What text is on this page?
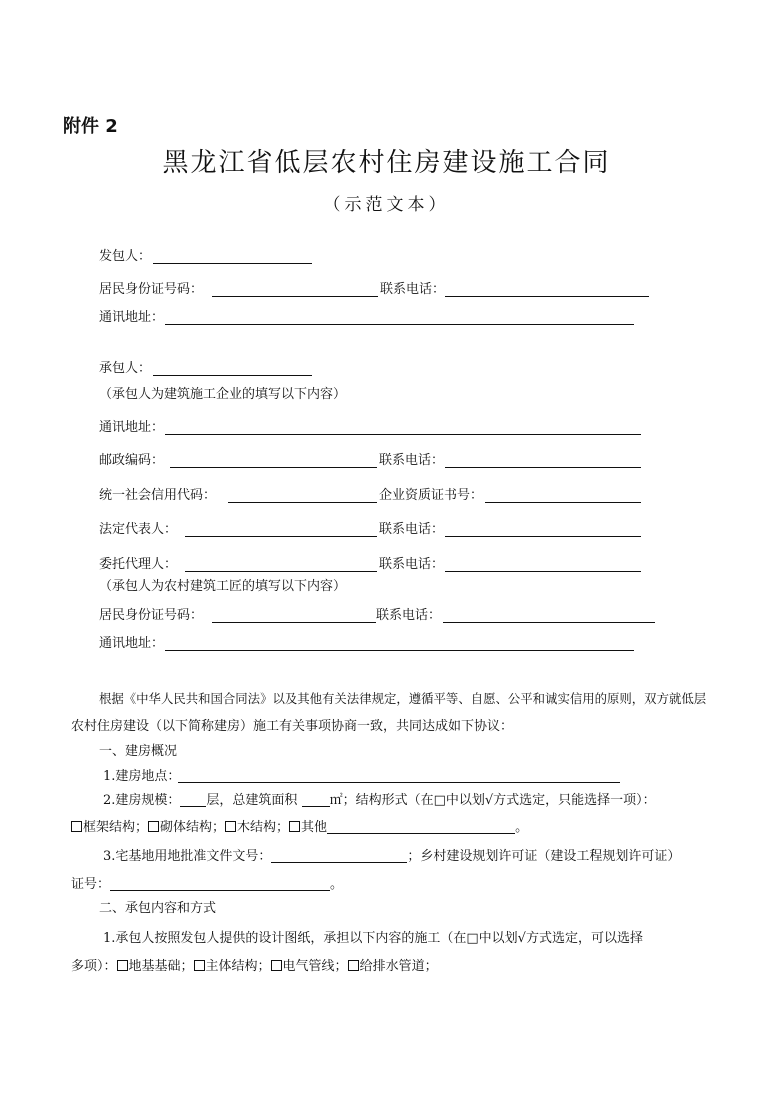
附件 2
黑龙江省低层农村住房建设施工合同
（示范文本）
发包人：
居民身份证号码：	联系电话：
通讯地址：
承包人：
（承包人为建筑施工企业的填写以下内容）
通讯地址：
邮政编码：	联系电话：
统一社会信用代码：	企业资质证书号：
法定代表人：	联系电话：
委托代理人：	联系电话：
（承包人为农村建筑工匠的填写以下内容）
居民身份证号码：	联系电话：
通讯地址：
根据《中华人民共和国合同法》以及其他有关法律规定，遵循平等、自愿、公平和诚实信用的原则，双方就低层
农村住房建设（以下简称建房）施工有关事项协商一致，共同达成如下协议：
一、建房概况
1.建房地点：
2.建房规模： 层，总建筑面积 ㎡；结构形式（在□中以划√方式选定，只能选择一项）：
框架结构； 砌体结构； 木结构； 其他	。
3.宅基地用地批准文件文号：	；乡村建设规划许可证（建设工程规划许可证）
证号：	。
二、承包内容和方式
1.承包人按照发包人提供的设计图纸，承担以下内容的施工（在□中以划√方式选定，可以选择
多项）： 地基基础； 主体结构； 电气管线； 给排水管道；
